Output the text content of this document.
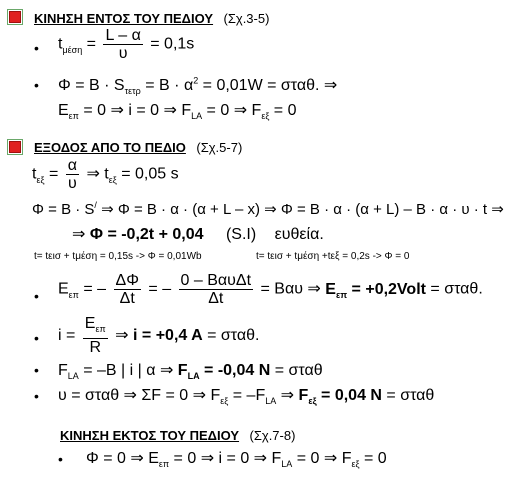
ΚΙΝΗΣΗ ΕΝΤΟΣ ΤΟΥ ΠΕΔΙΟΥ (Σχ.3-5)
• $t_{\mu έ\sigma\eta} = \frac{L - \alpha}{\upsilon} = 0,1s$
• $\Phi = B \cdot S_{\tau\varepsilon\tau\rho} = B \cdot \alpha^2 = 0,01W = \sigma\tau\alpha\theta$. ⇒
$E_{\varepsilon\pi} = 0$ ⇒ i = 0 ⇒ $F_{LA} = 0$ ⇒ $F_{\varepsilon\xi} = 0$
ΕΞΟΔΟΣ ΑΠΟ ΤΟ ΠΕΔΙΟ (Σχ.5-7)
$t_{\varepsilon\xi} = \frac{\alpha}{\upsilon}$ ⇒ $t_{\varepsilon\xi} = 0,05$ s
Φ = B · S/ ⇒ Φ = B · α · (α + L – x) ⇒ Φ = B · α · (α + L) – B · α · υ · t ⇒
⇒ Φ = -0,2t + 0,04 (S.I) ευθεία.
t= tεισ + tμέση = 0,15s -> Φ = 0,01Wb	t= tεισ + tμέση +tεξ = 0,2s -> Φ = 0
• $E_{\varepsilon\pi}$ = – $\frac{\Delta\Phi}{\Delta t}$ = – $\frac{\text{0 – BαυΔt}}{\Delta t} = B\alpha\upsilon$ ⇒ $E_{\varepsilon\pi}$ = +0,2Volt = σταθ.
• $i = \frac{E_{\varepsilon\pi}}{R}$ ⇒ i = +0,4 A = σταθ.
• $F_{LA} = -B$ | i | α ⇒ $F_{LA} = -0,04$ N = σταθ
• υ = σταθ ⇒ ΣF = 0 ⇒ $F_{\varepsilon\xi} = -F_{LA}$ ⇒ $F_{\varepsilon\xi} = 0,04$ N = σταθ
ΚΙΝΗΣΗ ΕΚΤΟΣ ΤΟΥ ΠΕΔΙΟΥ (Σχ.7-8)
• Φ = 0 ⇒ $E_{\varepsilon\pi} = 0$ ⇒ i = 0 ⇒ $F_{LA} = 0$ ⇒ $F_{\varepsilon\xi} = 0$
